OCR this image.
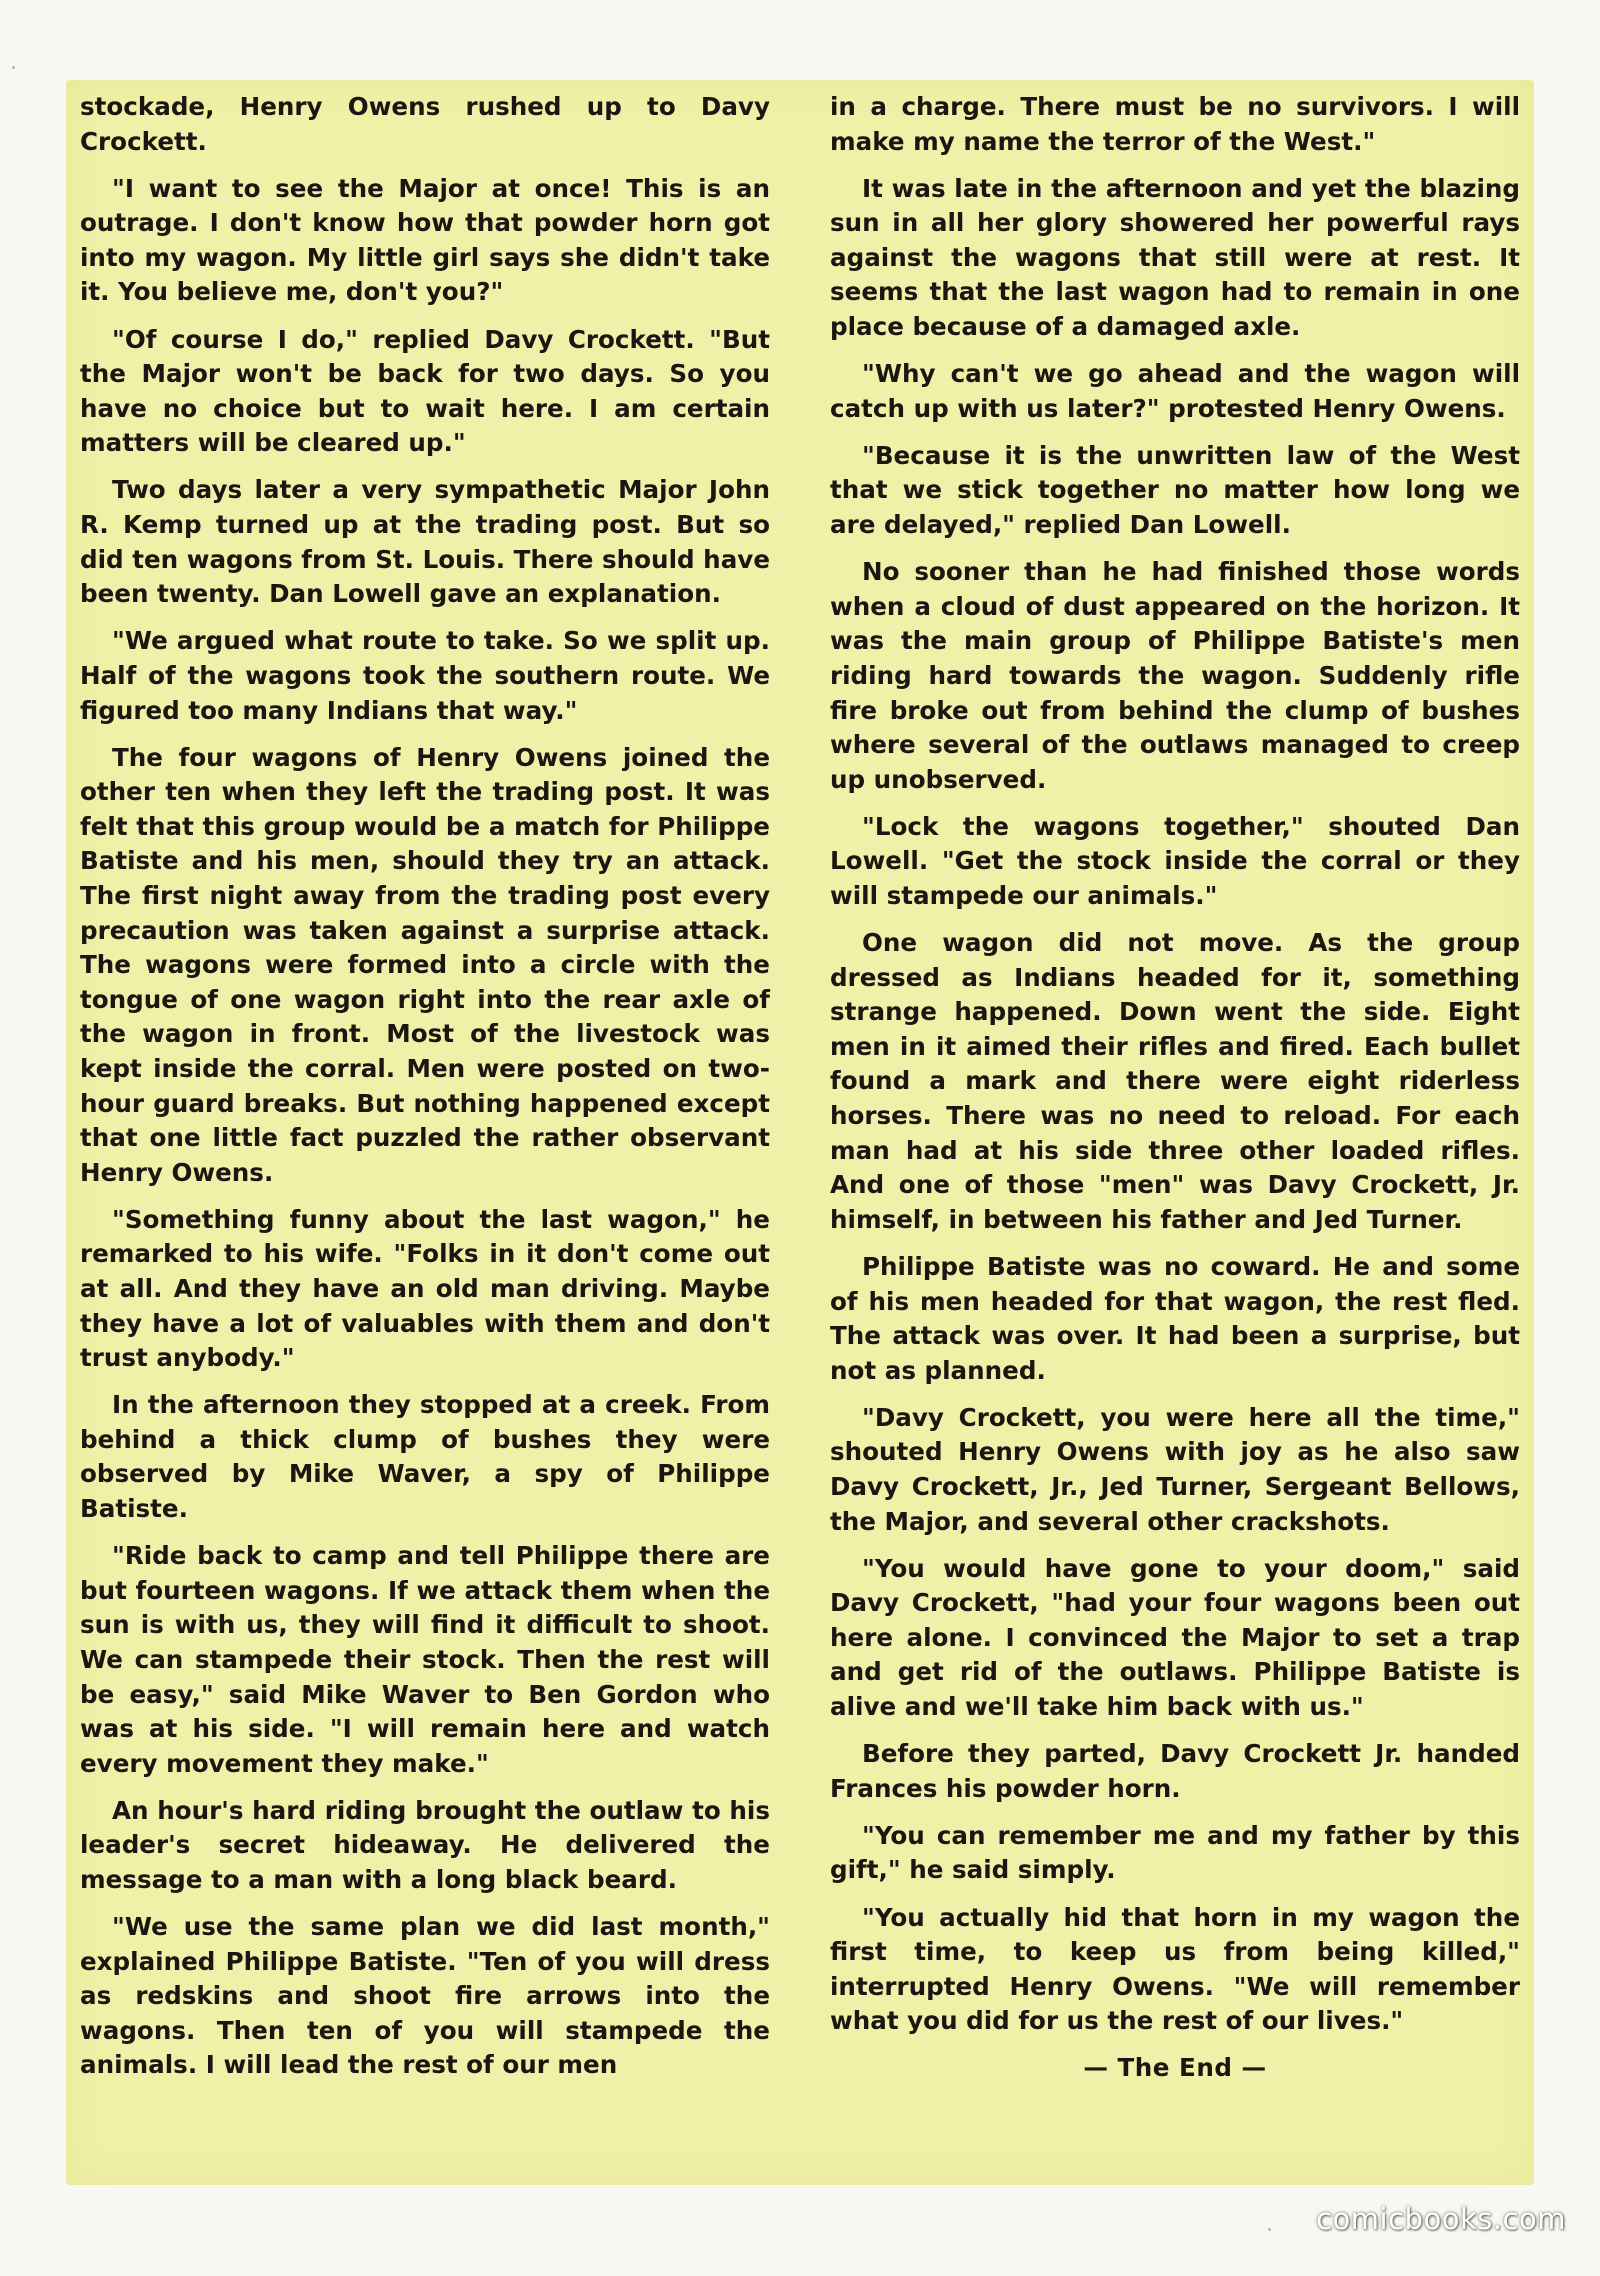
stockade, Henry Owens rushed up to Davy Crockett.

"I want to see the Major at once! This is an outrage. I don't know how that powder horn got into my wagon. My little girl says she didn't take it. You believe me, don't you?"

"Of course I do," replied Davy Crockett. "But the Major won't be back for two days. So you have no choice but to wait here. I am certain matters will be cleared up."

Two days later a very sympathetic Major John R. Kemp turned up at the trading post. But so did ten wagons from St. Louis. There should have been twenty. Dan Lowell gave an explanation.

"We argued what route to take. So we split up. Half of the wagons took the southern route. We figured too many Indians that way."

The four wagons of Henry Owens joined the other ten when they left the trading post. It was felt that this group would be a match for Philippe Batiste and his men, should they try an attack. The first night away from the trading post every precaution was taken against a surprise attack. The wagons were formed into a circle with the tongue of one wagon right into the rear axle of the wagon in front. Most of the livestock was kept inside the corral. Men were posted on two-hour guard breaks. But nothing happened except that one little fact puzzled the rather observant Henry Owens.

"Something funny about the last wagon," he remarked to his wife. "Folks in it don't come out at all. And they have an old man driving. Maybe they have a lot of valuables with them and don't trust anybody."

In the afternoon they stopped at a creek. From behind a thick clump of bushes they were observed by Mike Waver, a spy of Philippe Batiste.

"Ride back to camp and tell Philippe there are but fourteen wagons. If we attack them when the sun is with us, they will find it difficult to shoot. We can stampede their stock. Then the rest will be easy," said Mike Waver to Ben Gordon who was at his side. "I will remain here and watch every movement they make."

An hour's hard riding brought the outlaw to his leader's secret hideaway. He delivered the message to a man with a long black beard.

"We use the same plan we did last month," explained Philippe Batiste. "Ten of you will dress as redskins and shoot fire arrows into the wagons. Then ten of you will stampede the animals. I will lead the rest of our men

in a charge. There must be no survivors. I will make my name the terror of the West."

It was late in the afternoon and yet the blazing sun in all her glory showered her powerful rays against the wagons that still were at rest. It seems that the last wagon had to remain in one place because of a damaged axle.

"Why can't we go ahead and the wagon will catch up with us later?" protested Henry Owens.

"Because it is the unwritten law of the West that we stick together no matter how long we are delayed," replied Dan Lowell.

No sooner than he had finished those words when a cloud of dust appeared on the horizon. It was the main group of Philippe Batiste's men riding hard towards the wagon. Suddenly rifle fire broke out from behind the clump of bushes where several of the outlaws managed to creep up unobserved.

"Lock the wagons together," shouted Dan Lowell. "Get the stock inside the corral or they will stampede our animals."

One wagon did not move. As the group dressed as Indians headed for it, something strange happened. Down went the side. Eight men in it aimed their rifles and fired. Each bullet found a mark and there were eight riderless horses. There was no need to reload. For each man had at his side three other loaded rifles. And one of those "men" was Davy Crockett, Jr. himself, in between his father and Jed Turner.

Philippe Batiste was no coward. He and some of his men headed for that wagon, the rest fled. The attack was over. It had been a surprise, but not as planned.

"Davy Crockett, you were here all the time," shouted Henry Owens with joy as he also saw Davy Crockett, Jr., Jed Turner, Sergeant Bellows, the Major, and several other crackshots.

"You would have gone to your doom," said Davy Crockett, "had your four wagons been out here alone. I convinced the Major to set a trap and get rid of the outlaws. Philippe Batiste is alive and we'll take him back with us."

Before they parted, Davy Crockett Jr. handed Frances his powder horn.

"You can remember me and my father by this gift," he said simply.

"You actually hid that horn in my wagon the first time, to keep us from being killed," interrupted Henry Owens. "We will remember what you did for us the rest of our lives."

— The End —

comicbooks.com
